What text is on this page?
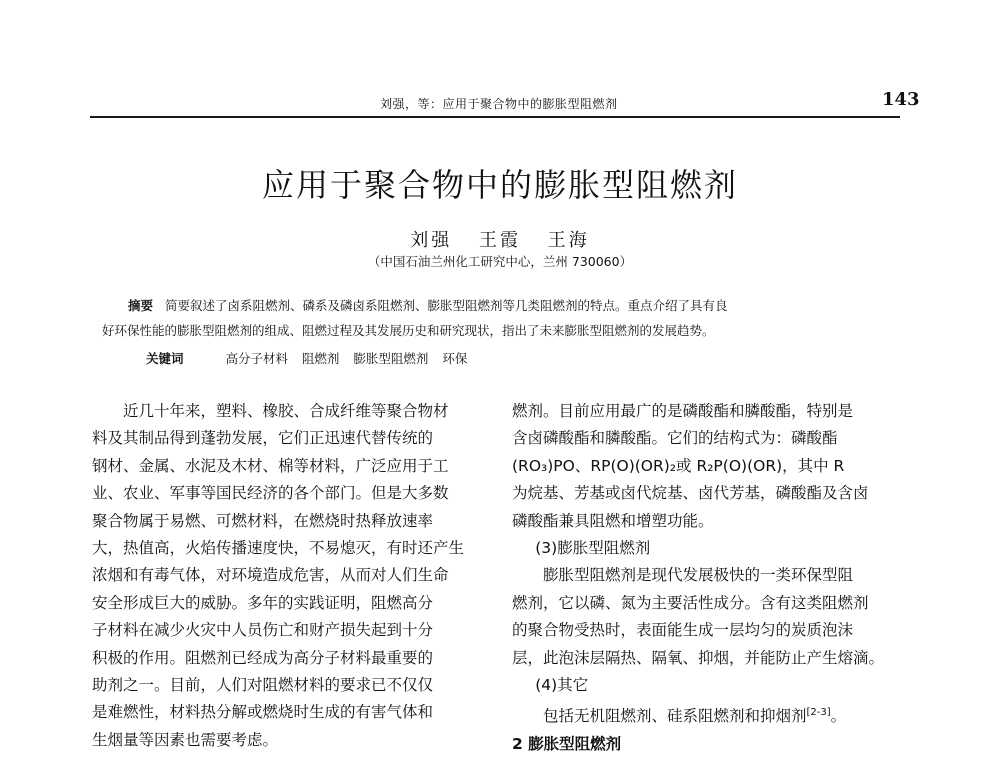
刘强，等：应用于聚合物中的膨胀型阻燃剂	143
应用于聚合物中的膨胀型阻燃剂
刘强 王霞 王海
（中国石油兰州化工研究中心，兰州 730060）
摘要 简要叙述了卤系阻燃剂、磷系及磷卤系阻燃剂、膨胀型阻燃剂等几类阻燃剂的特点。重点介绍了具有良
好环保性能的膨胀型阻燃剂的组成、阻燃过程及其发展历史和研究现状，指出了未来膨胀型阻燃剂的发展趋势。
关键词	高分子材料 阻燃剂 膨胀型阻燃剂 环保

近几十年来，塑料、橡胶、合成纤维等聚合物材

料及其制品得到蓬勃发展，它们正迅速代替传统的

钢材、金属、水泥及木材、棉等材料，广泛应用于工

业、农业、军事等国民经济的各个部门。但是大多数

聚合物属于易燃、可燃材料，在燃烧时热释放速率

大，热值高，火焰传播速度快，不易熄灭，有时还产生

浓烟和有毒气体，对环境造成危害，从而对人们生命

安全形成巨大的威胁。多年的实践证明，阻燃高分

子材料在减少火灾中人员伤亡和财产损失起到十分

积极的作用。阻燃剂已经成为高分子材料最重要的

助剂之一。目前，人们对阻燃材料的要求已不仅仅

是难燃性，材料热分解或燃烧时生成的有害气体和

生烟量等因素也需要考虑。

燃剂。目前应用最广的是磷酸酯和膦酸酯，特别是

含卤磷酸酯和膦酸酯。它们的结构式为：磷酸酯

(RO₃)PO、RP(O)(OR)₂或 R₂P(O)(OR)，其中 R

为烷基、芳基或卤代烷基、卤代芳基，磷酸酯及含卤

磷酸酯兼具阻燃和增塑功能。

(3)膨胀型阻燃剂

膨胀型阻燃剂是现代发展极快的一类环保型阻

燃剂，它以磷、氮为主要活性成分。含有这类阻燃剂

的聚合物受热时，表面能生成一层均匀的炭质泡沫

层，此泡沫层隔热、隔氧、抑烟，并能防止产生熔滴。

(4)其它

包括无机阻燃剂、硅系阻燃剂和抑烟剂[2-3]。

2 膨胀型阻燃剂
